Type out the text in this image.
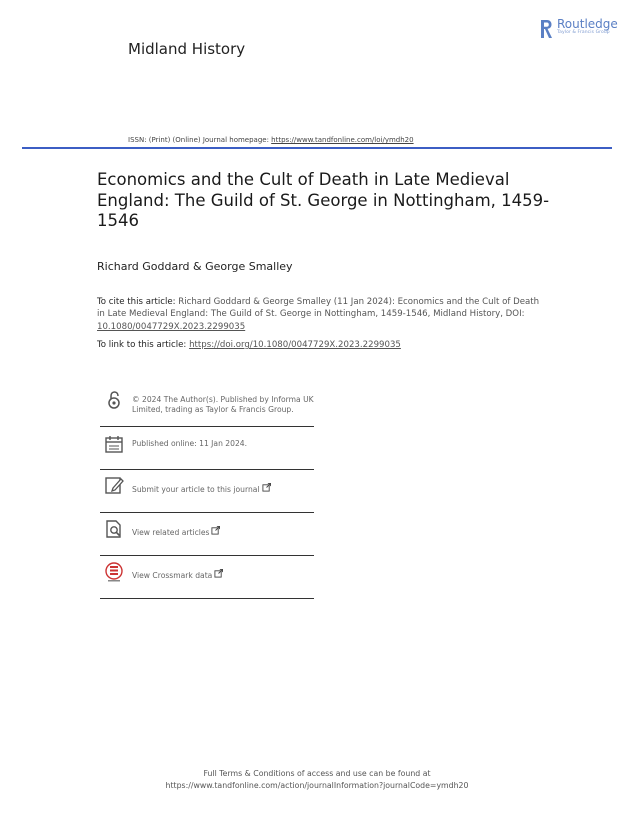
Midland History
Routledge
Taylor & Francis Group
ISSN: (Print) (Online) Journal homepage: https://www.tandfonline.com/loi/ymdh20
Economics and the Cult of Death in Late Medieval England: The Guild of St. George in Nottingham, 1459-1546
Richard Goddard & George Smalley
To cite this article: Richard Goddard & George Smalley (11 Jan 2024): Economics and the Cult of Death in Late Medieval England: The Guild of St. George in Nottingham, 1459-1546, Midland History, DOI: 10.1080/0047729X.2023.2299035
To link to this article: https://doi.org/10.1080/0047729X.2023.2299035
© 2024 The Author(s). Published by Informa UK Limited, trading as Taylor & Francis Group.
Published online: 11 Jan 2024.
Submit your article to this journal
View related articles
View Crossmark data
Full Terms & Conditions of access and use can be found at
https://www.tandfonline.com/action/journalInformation?journalCode=ymdh20
